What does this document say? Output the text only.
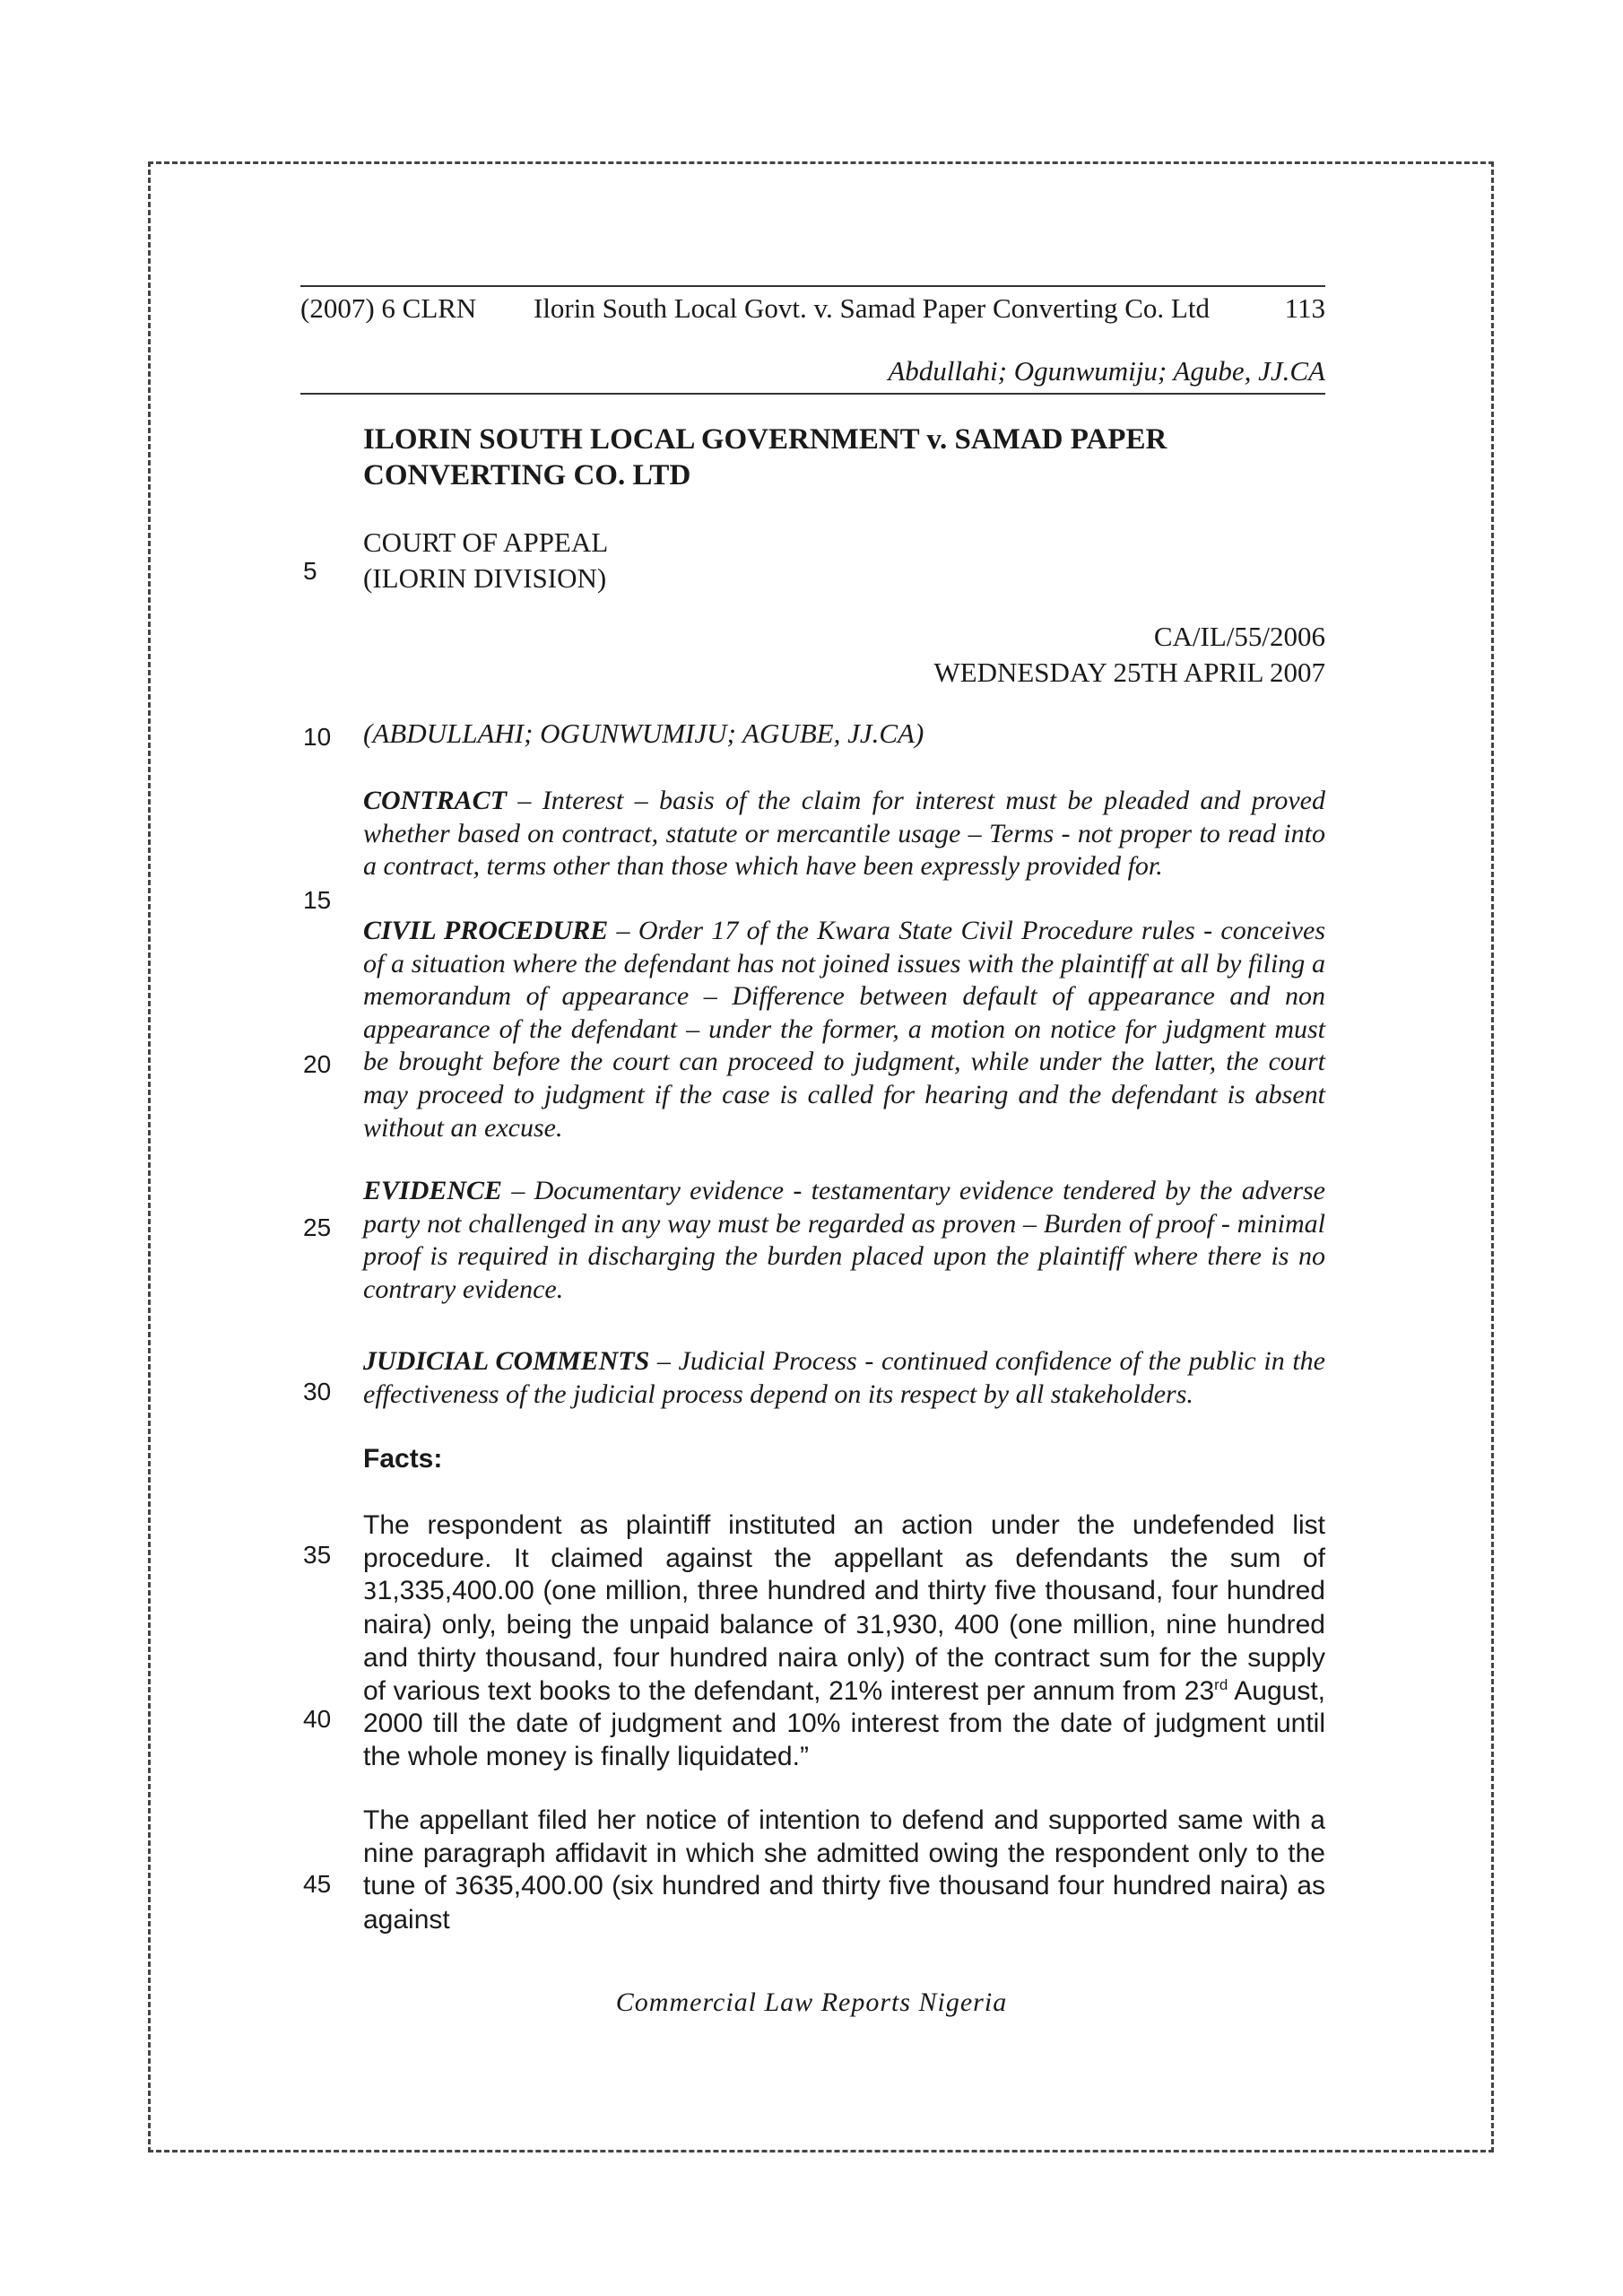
(2007) 6 CLRN Ilorin South Local Govt. v. Samad Paper Converting Co. Ltd	113
Abdullahi; Ogunwumiju; Agube, JJ.CA
ILORIN SOUTH LOCAL GOVERNMENT v. SAMAD PAPER CONVERTING CO. LTD
COURT OF APPEAL
(ILORIN DIVISION)
CA/IL/55/2006
WEDNESDAY 25TH APRIL 2007
(ABDULLAHI; OGUNWUMIJU; AGUBE, JJ.CA)
CONTRACT – Interest – basis of the claim for interest must be pleaded and proved whether based on contract, statute or mercantile usage – Terms - not proper to read into a contract, terms other than those which have been expressly provided for.
CIVIL PROCEDURE – Order 17 of the Kwara State Civil Procedure rules - conceives of a situation where the defendant has not joined issues with the plaintiff at all by filing a memorandum of appearance – Difference between default of appearance and non appearance of the defendant – under the former, a motion on notice for judgment must be brought before the court can proceed to judgment, while under the latter, the court may proceed to judgment if the case is called for hearing and the defendant is absent without an excuse.
EVIDENCE – Documentary evidence - testamentary evidence tendered by the adverse party not challenged in any way must be regarded as proven – Burden of proof - minimal proof is required in discharging the burden placed upon the plaintiff where there is no contrary evidence.
JUDICIAL COMMENTS – Judicial Process - continued confidence of the public in the effectiveness of the judicial process depend on its respect by all stakeholders.
Facts:
The respondent as plaintiff instituted an action under the undefended list procedure. It claimed against the appellant as defendants the sum of 31,335,400.00 (one million, three hundred and thirty five thousand, four hundred naira) only, being the unpaid balance of 31,930, 400 (one million, nine hundred and thirty thousand, four hundred naira only) of the contract sum for the supply of various text books to the defendant, 21% interest per annum from 23rd August, 2000 till the date of judgment and 10% interest from the date of judgment until the whole money is finally liquidated.”
The appellant filed her notice of intention to defend and supported same with a nine paragraph affidavit in which she admitted owing the respondent only to the tune of 3635,400.00 (six hundred and thirty five thousand four hundred naira) as against
5
10
15
20
25
30
35
40
45
Commercial Law Reports Nigeria
